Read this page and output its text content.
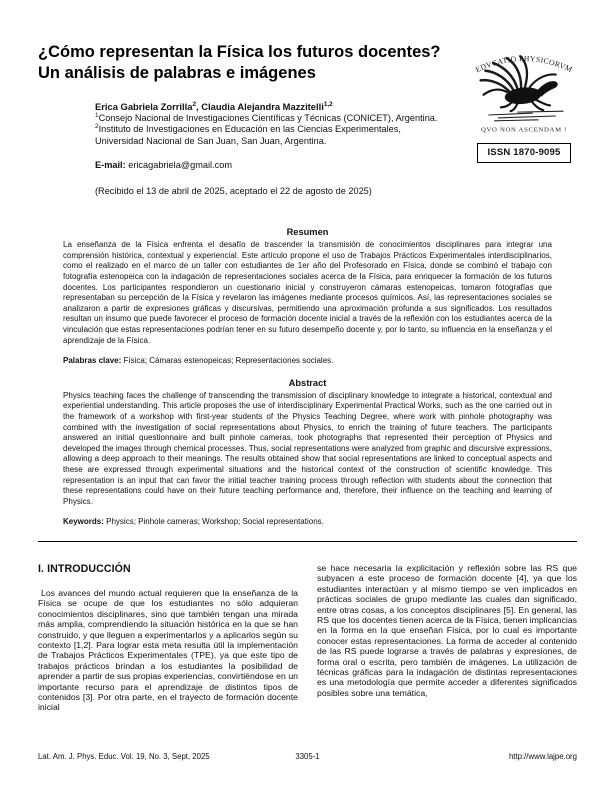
¿Cómo representan la Física los futuros docentes?
Un análisis de palabras e imágenes
Erica Gabriela Zorrilla$^2$, Claudia Alejandra Mazzitelli$^{1,2}$
$^1$Consejo Nacional de Investigaciones Científicas y Técnicas (CONICET), Argentina.
$^2$Instituto de Investigaciones en Educación en las Ciencias Experimentales, Universidad Nacional de San Juan, San Juan, Argentina.
E-mail: ericagabriela@gmail.com
(Recibido el 13 de abril de 2025, aceptado el 22 de agosto de 2025)
EDVCATIO PHYSICORVM
QVO NON ASCENDAM !
ISSN 1870-9095
Resumen

La enseñanza de la Física enfrenta el desafío de trascender la transmisión de conocimientos disciplinares para integrar una comprensión histórica, contextual y experiencial. Este artículo propone el uso de Trabajos Prácticos Experimentales interdisciplinarios, como el realizado en el marco de un taller con estudiantes de 1er año del Profesorado en Física, donde se combinó el trabajo con fotografía estenopeica con la indagación de representaciones sociales acerca de la Física, para enriquecer la formación de los futuros docentes. Los participantes respondieron un cuestionario inicial y construyeron cámaras estenopeicas, tomaron fotografías que representaban su percepción de la Física y revelaron las imágenes mediante procesos químicos. Así, las representaciones sociales se analizaron a partir de expresiones gráficas y discursivas, permitiendo una aproximación profunda a sus significados. Los resultados resultan un insumo que puede favorecer el proceso de formación docente inicial a través de la reflexión con los estudiantes acerca de la vinculación que estas representaciones podrían tener en su futuro desempeño docente y, por lo tanto, su influencia en la enseñanza y el aprendizaje de la Física.

Palabras clave: Física; Cámaras estenopeicas; Representaciones sociales.

Abstract

Physics teaching faces the challenge of transcending the transmission of disciplinary knowledge to integrate a historical, contextual and experiential understanding. This article proposes the use of interdisciplinary Experimental Practical Works, such as the one carried out in the framework of a workshop with first-year students of the Physics Teaching Degree, where work with pinhole photography was combined with the investigation of social representations about Physics, to enrich the training of future teachers. The participants answered an initial questionnaire and built pinhole cameras, took photographs that represented their perception of Physics and developed the images through chemical processes. Thus, social representations were analyzed from graphic and discursive expressions, allowing a deep approach to their meanings. The results obtained show that social representations are linked to conceptual aspects and these are expressed through experimental situations and the historical context of the construction of scientific knowledge. This representation is an input that can favor the initial teacher training process through reflection with students about the connection that these representations could have on their future teaching performance and, therefore, their influence on the teaching and learning of Physics.

Keywords: Physics; Pinhole cameras; Workshop; Social representations.

I. INTRODUCCIÓN

Los avances del mundo actual requieren que la enseñanza de la Física se ocupe de que los estudiantes no sólo adquieran conocimientos disciplinares, sino que también tengan una mirada más amplia, comprendiendo la situación histórica en la que se han construido, y que lleguen a experimentarlos y a aplicarlos según su contexto [1,2]. Para lograr esta meta resulta útil la implementación de Trabajos Prácticos Experimentales (TPE), ya que este tipo de trabajos prácticos brindan a los estudiantes la posibilidad de aprender a partir de sus propias experiencias, convirtiéndose en un importante recurso para el aprendizaje de distintos tipos de contenidos [3]. Por otra parte, en el trayecto de formación docente inicial

se hace necesaria la explicitación y reflexión sobre las RS que subyacen a este proceso de formación docente [4], ya que los estudiantes interactúan y al mismo tiempo se ven implicados en prácticas sociales de grupo mediante las cuales dan significado, entre otras cosas, a los conceptos disciplinares [5]. En general, las RS que los docentes tienen acerca de la Física, tienen implicancias en la forma en la que enseñan Física, por lo cual es importante conocer estas representaciones. La forma de acceder al contenido de las RS puede lograrse a través de palabras y expresiones, de forma oral o escrita, pero también de imágenes. La utilización de técnicas gráficas para la indagación de distintas representaciones es una metodología que permite acceder a diferentes significados posibles sobre una temática,

Lat. Am. J. Phys. Educ. Vol. 19, No. 3, Sept, 2025	3305-1	http://www.lajpe.org
